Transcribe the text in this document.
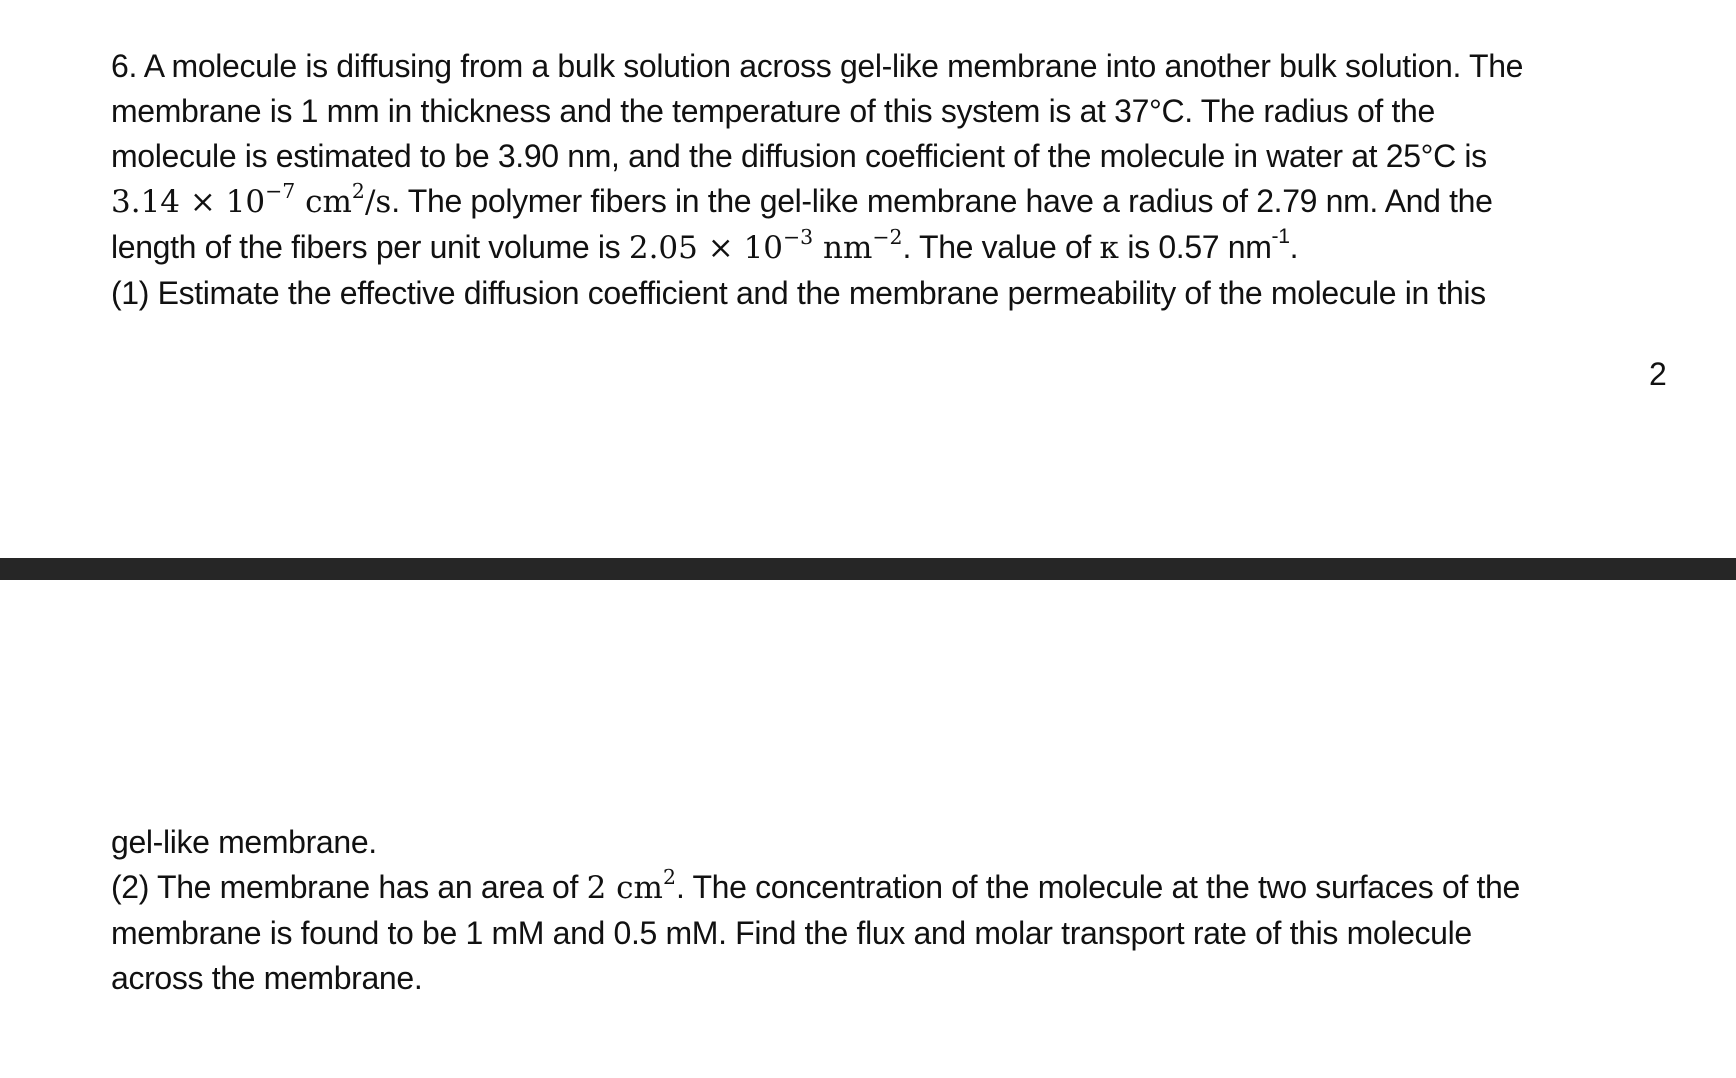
6. A molecule is diffusing from a bulk solution across gel-like membrane into another bulk solution. The
membrane is 1 mm in thickness and the temperature of this system is at 37°C. The radius of the
molecule is estimated to be 3.90 nm, and the diffusion coefficient of the molecule in water at 25°C is
$3.14 \times 10^{-7}$ $cm^2/s$. The polymer fibers in the gel-like membrane have a radius of 2.79 nm. And the
length of the fibers per unit volume is $2.05 \times 10^{-3}$ $nm^{-2}$. The value of κ is 0.57 $nm^{-1}$.
(1) Estimate the effective diffusion coefficient and the membrane permeability of the molecule in this
2
gel-like membrane.
(2) The membrane has an area of 2 $cm^2$. The concentration of the molecule at the two surfaces of the
membrane is found to be 1 mM and 0.5 mM. Find the flux and molar transport rate of this molecule
across the membrane.
